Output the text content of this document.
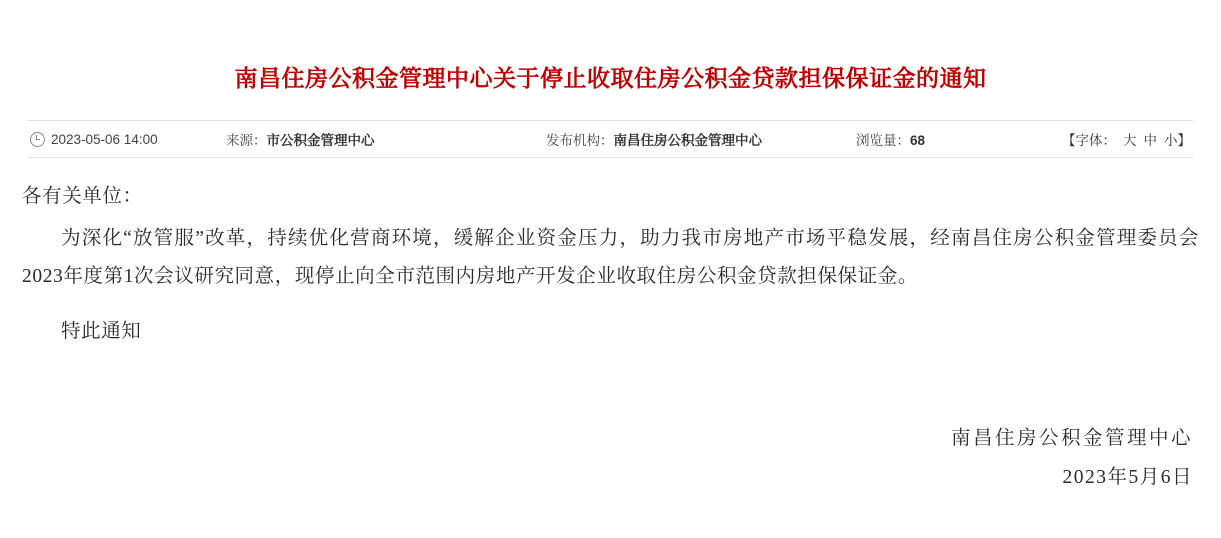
南昌住房公积金管理中心关于停止收取住房公积金贷款担保保证金的通知
2023-05-06 14:00	来源：市公积金管理中心	发布机构：南昌住房公积金管理中心	浏览量：68	【字体： 大 中 小 】

各有关单位：

为深化“放管服”改革，持续优化营商环境，缓解企业资金压力，助力我市房地产市场平稳发展，经南昌住房公积金管理委员会2023年度第1次会议研究同意，现停止向全市范围内房地产开发企业收取住房公积金贷款担保保证金。

特此通知

南昌住房公积金管理中心
2023年5月6日
